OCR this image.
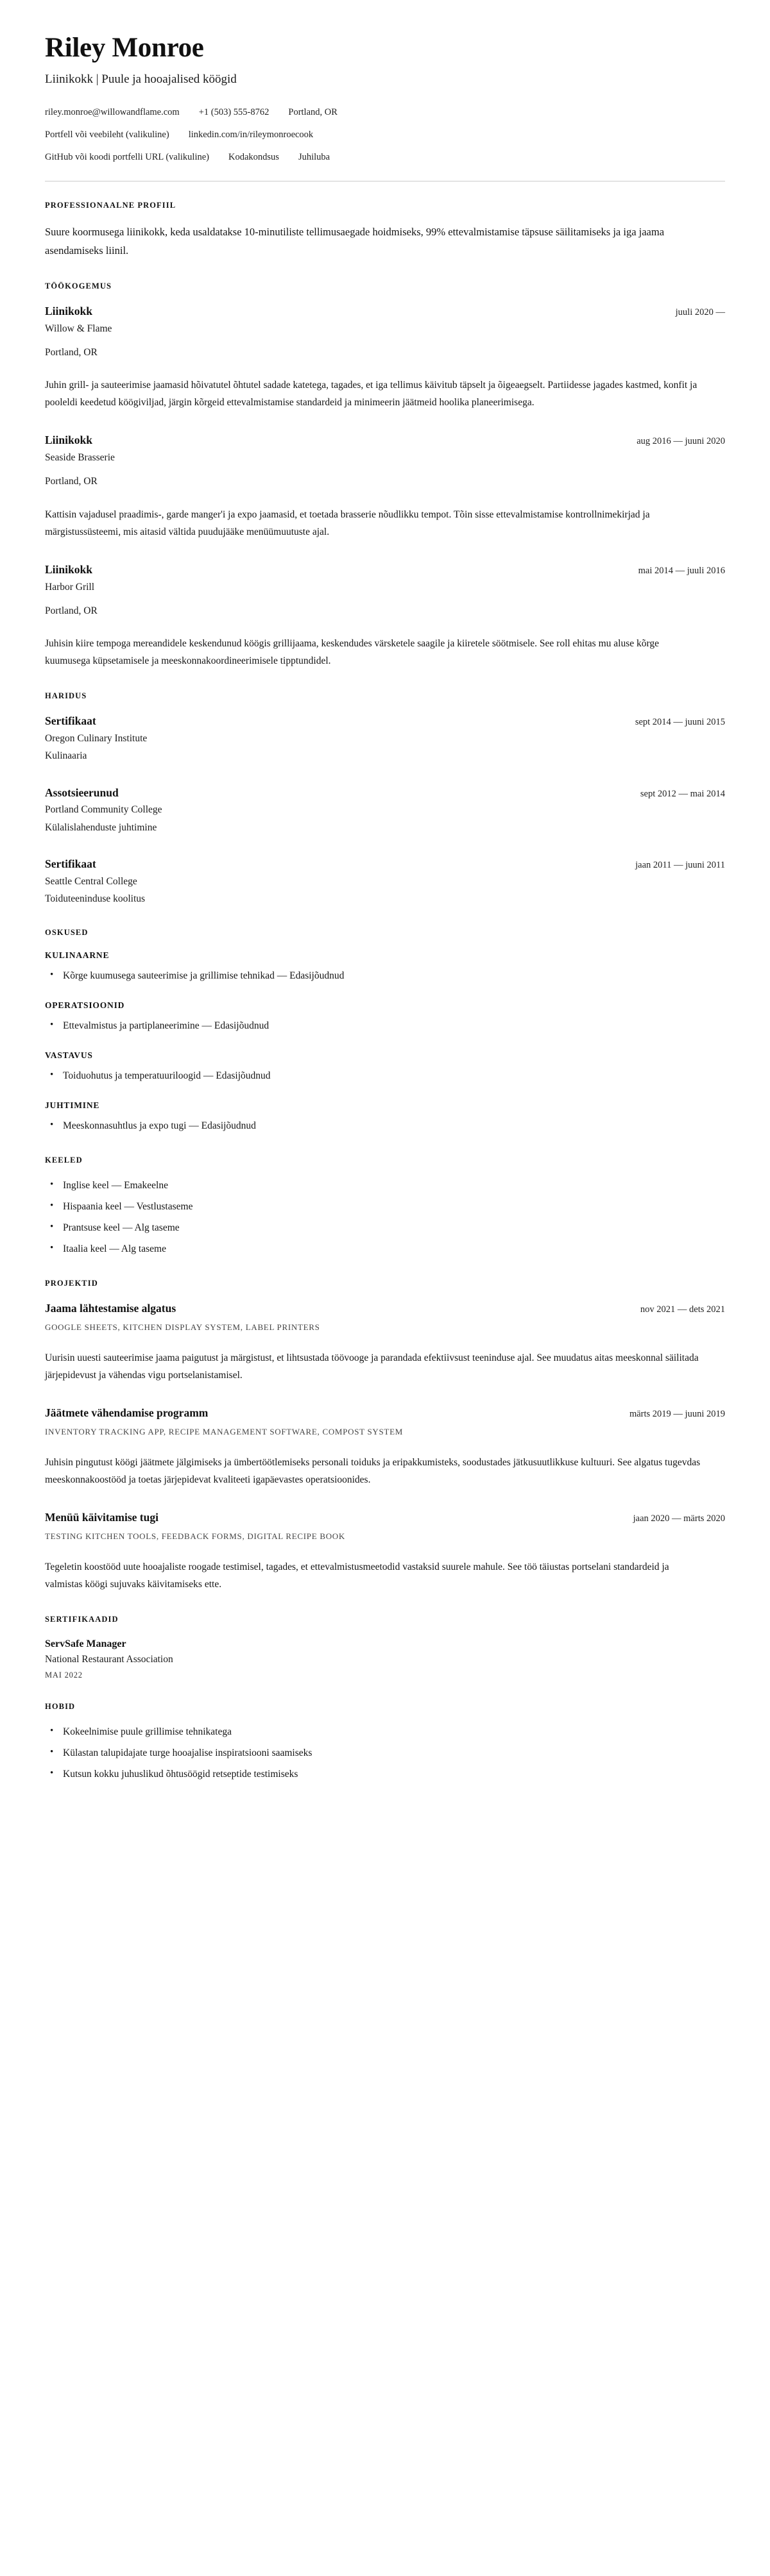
Riley Monroe

Liinikokk | Puule ja hooajalised köögid

riley.monroe@willowandflame.com +1 (503) 555-8762 Portland, OR
Portfell või veebileht (valikuline) linkedin.com/in/rileymonroecook
GitHub või koodi portfelli URL (valikuline) Kodakondsus Juhiluba
PROFESSIONAALNE PROFIIL

Suure koormusega liinikokk, keda usaldatakse 10-minutiliste tellimusaegade hoidmiseks, 99% ettevalmistamise täpsuse säilitamiseks ja iga jaama asendamiseks liinil.

TÖÖKOGEMUS
Liinikokk	juuli 2020 —

Willow & Flame

Portland, OR

Juhin grill- ja sauteerimise jaamasid hõivatutel õhtutel sadade katetega, tagades, et iga tellimus käivitub täpselt ja õigeaegselt. Partiidesse jagades kastmed, konfit ja pooleldi keedetud köögiviljad, järgin kõrgeid ettevalmistamise standardeid ja minimeerin jäätmeid hoolika planeerimisega.

Liinikokk	aug 2016 — juuni 2020

Seaside Brasserie

Portland, OR

Kattisin vajadusel praadimis-, garde manger'i ja expo jaamasid, et toetada brasserie nõudlikku tempot. Tõin sisse ettevalmistamise kontrollnimekirjad ja märgistussüsteemi, mis aitasid vältida puudujääke menüümuutuste ajal.

Liinikokk	mai 2014 — juuli 2016

Harbor Grill

Portland, OR

Juhisin kiire tempoga mereandidele keskendunud köögis grillijaama, keskendudes värsketele saagile ja kiiretele söötmisele. See roll ehitas mu aluse kõrge kuumusega küpsetamisele ja meeskonnakoordineerimisele tipptundidel.

HARIDUS
Sertifikaat	sept 2014 — juuni 2015

Oregon Culinary Institute

Kulinaaria

Assotsieerunud	sept 2012 — mai 2014

Portland Community College

Külalislahenduste juhtimine

Sertifikaat	jaan 2011 — juuni 2011

Seattle Central College

Toiduteeninduse koolitus

OSKUSED
KULINAARNE
• Kõrge kuumusega sauteerimise ja grillimise tehnikad — Edasijõudnud
OPERATSIOONID
• Ettevalmistus ja partiplaneerimine — Edasijõudnud
VASTAVUS
• Toiduohutus ja temperatuuriloogid — Edasijõudnud
JUHTIMINE
• Meeskonnasuhtlus ja expo tugi — Edasijõudnud
KEELED
• Inglise keel — Emakeelne
• Hispaania keel — Vestlustaseme
• Prantsuse keel — Alg taseme
• Itaalia keel — Alg taseme
PROJEKTID
Jaama lähtestamise algatus	nov 2021 — dets 2021

GOOGLE SHEETS, KITCHEN DISPLAY SYSTEM, LABEL PRINTERS

Uurisin uuesti sauteerimise jaama paigutust ja märgistust, et lihtsustada töövooge ja parandada efektiivsust teeninduse ajal. See muudatus aitas meeskonnal säilitada järjepidevust ja vähendas vigu portselanistamisel.

Jäätmete vähendamise programm	märts 2019 — juuni 2019

INVENTORY TRACKING APP, RECIPE MANAGEMENT SOFTWARE, COMPOST SYSTEM

Juhisin pingutust köögi jäätmete jälgimiseks ja ümbertöötlemiseks personali toiduks ja eripakkumisteks, soodustades jätkusuutlikkuse kultuuri. See algatus tugevdas meeskonnakoostööd ja toetas järjepidevat kvaliteeti igapäevastes operatsioonides.

Menüü käivitamise tugi	jaan 2020 — märts 2020

TESTING KITCHEN TOOLS, FEEDBACK FORMS, DIGITAL RECIPE BOOK

Tegeletin koostööd uute hooajaliste roogade testimisel, tagades, et ettevalmistusmeetodid vastaksid suurele mahule. See töö täiustas portselani standardeid ja valmistas köögi sujuvaks käivitamiseks ette.

SERTIFIKAADID
ServSafe Manager

National Restaurant Association

MAI 2022

HOBID
• Kokeelnimise puule grillimise tehnikatega
• Külastan talupidajate turge hooajalise inspiratsiooni saamiseks
• Kutsun kokku juhuslikud õhtusöögid retseptide testimiseks
